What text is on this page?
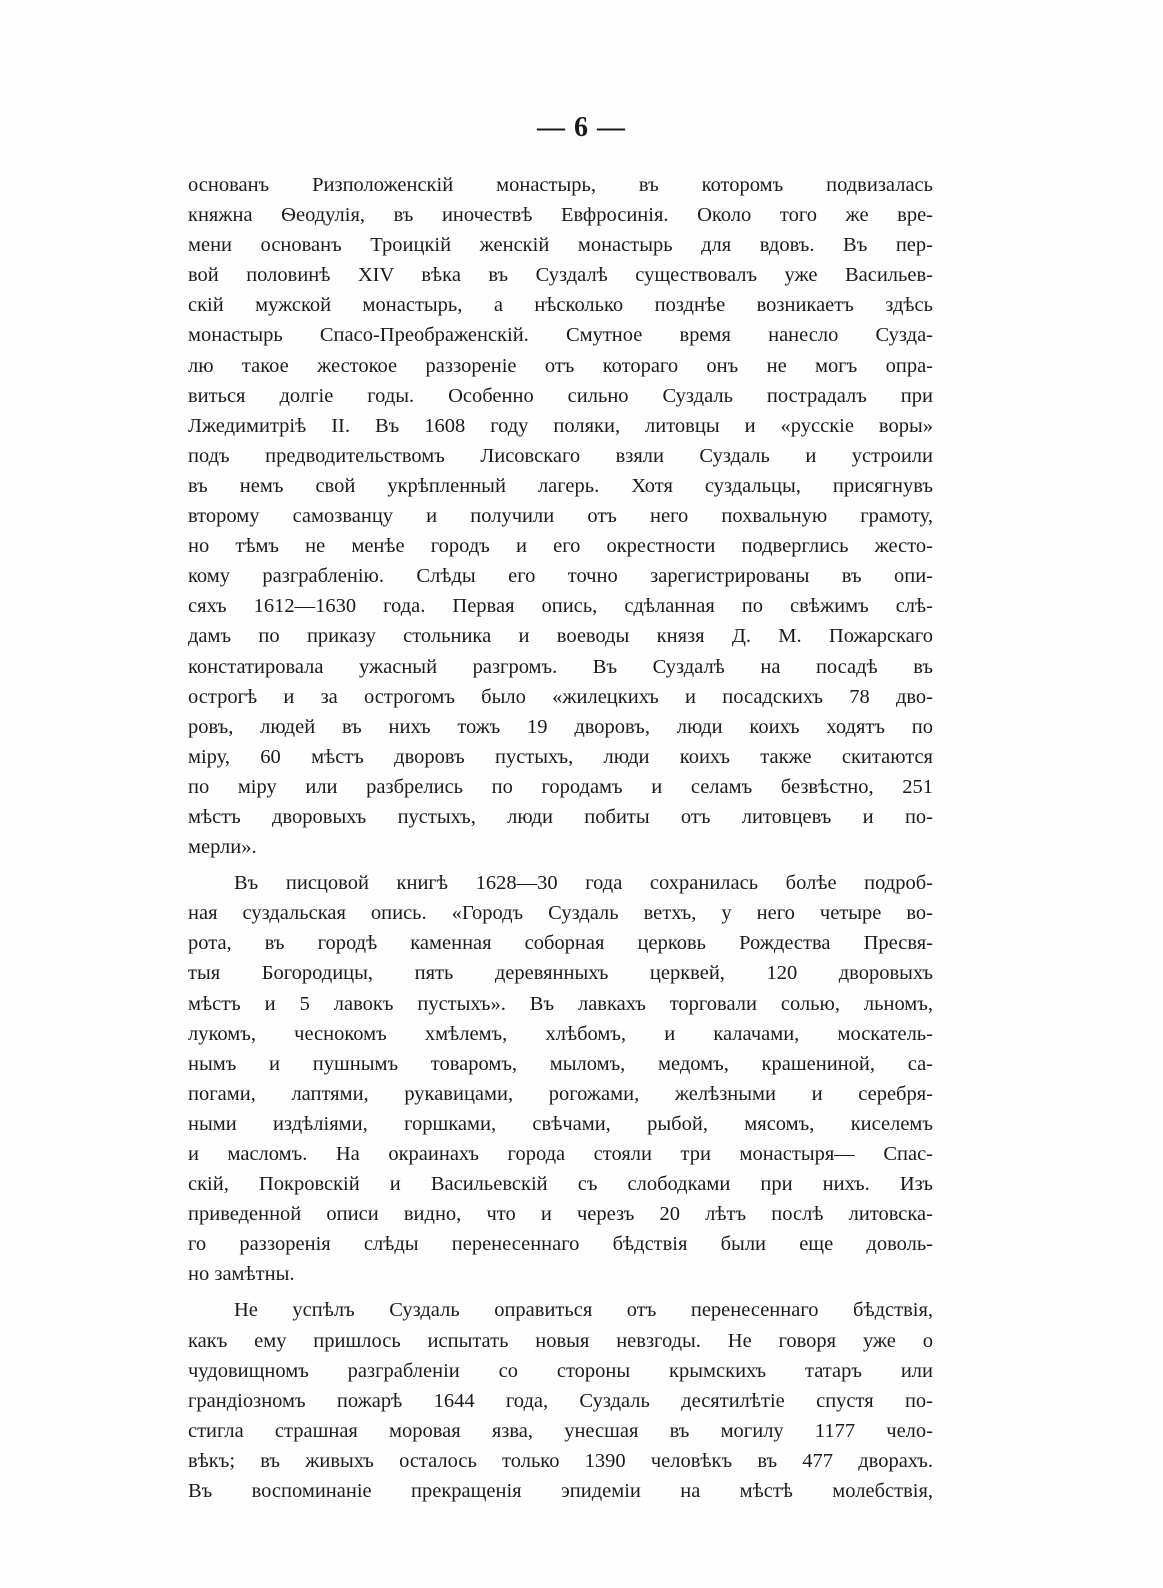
— 6 —
основанъ Ризположенскій монастырь, въ которомъ подвизалась
княжна Ѳеодулія, въ иночествѣ Евфросинія. Около того же вре-
мени основанъ Троицкій женскій монастырь для вдовъ. Въ пер-
вой половинѣ XIV вѣка въ Суздалѣ существовалъ уже Васильев-
скій мужской монастырь, а нѣсколько позднѣе возникаетъ здѣсь
монастырь Спасо-Преображенскій. Смутное время нанесло Сузда-
лю такое жестокое раззореніе отъ котораго онъ не могъ опра-
виться долгіе годы. Особенно сильно Суздаль пострадалъ при
Лжедимитріѣ II. Въ 1608 году поляки, литовцы и «русскіе воры»
подъ предводительствомъ Лисовскаго взяли Суздаль и устроили
въ немъ свой укрѣпленный лагерь. Хотя суздальцы, присягнувъ
второму самозванцу и получили отъ него похвальную грамоту,
но тѣмъ не менѣе городъ и его окрестности подверглись жесто-
кому разграбленію. Слѣды его точно зарегистрированы въ опи-
сяхъ 1612—1630 года. Первая опись, сдѣланная по свѣжимъ слѣ-
дамъ по приказу стольника и воеводы князя Д. М. Пожарскаго
констатировала ужасный разгромъ. Въ Суздалѣ на посадѣ въ
острогѣ и за острогомъ было «жилецкихъ и посадскихъ 78 дво-
ровъ, людей въ нихъ тожъ 19 дворовъ, люди коихъ ходятъ по
міру, 60 мѣстъ дворовъ пустыхъ, люди коихъ также скитаются
по міру или разбрелись по городамъ и селамъ безвѣстно, 251
мѣстъ дворовыхъ пустыхъ, люди побиты отъ литовцевъ и по-
мерли».
Въ писцовой книгѣ 1628—30 года сохранилась болѣе подроб-
ная суздальская опись. «Городъ Суздаль ветхъ, у него четыре во-
рота, въ городѣ каменная соборная церковь Рождества Пресвя-
тыя Богородицы, пять деревянныхъ церквей, 120 дворовыхъ
мѣстъ и 5 лавокъ пустыхъ». Въ лавкахъ торговали солью, льномъ,
лукомъ, чеснокомъ хмѣлемъ, хлѣбомъ, и калачами, москатель-
нымъ и пушнымъ товаромъ, мыломъ, медомъ, крашениной, са-
погами, лаптями, рукавицами, рогожами, желѣзными и серебря-
ными издѣліями, горшками, свѣчами, рыбой, мясомъ, киселемъ
и масломъ. На окраинахъ города стояли три монастыря— Спас-
скій, Покровскій и Васильевскій съ слободками при нихъ. Изъ
приведенной описи видно, что и черезъ 20 лѣтъ послѣ литовска-
го раззоренія слѣды перенесеннаго бѣдствія были еще доволь-
но замѣтны.
Не успѣлъ Суздаль оправиться отъ перенесеннаго бѣдствія,
какъ ему пришлось испытать новыя невзгоды. Не говоря уже о
чудовищномъ разграбленіи со стороны крымскихъ татаръ или
грандіозномъ пожарѣ 1644 года, Суздаль десятилѣтіе спустя по-
стигла страшная моровая язва, унесшая въ могилу 1177 чело-
вѣкъ; въ живыхъ осталось только 1390 человѣкъ въ 477 дворахъ.
Въ воспоминаніе прекращенія эпидеміи на мѣстѣ молебствія,
